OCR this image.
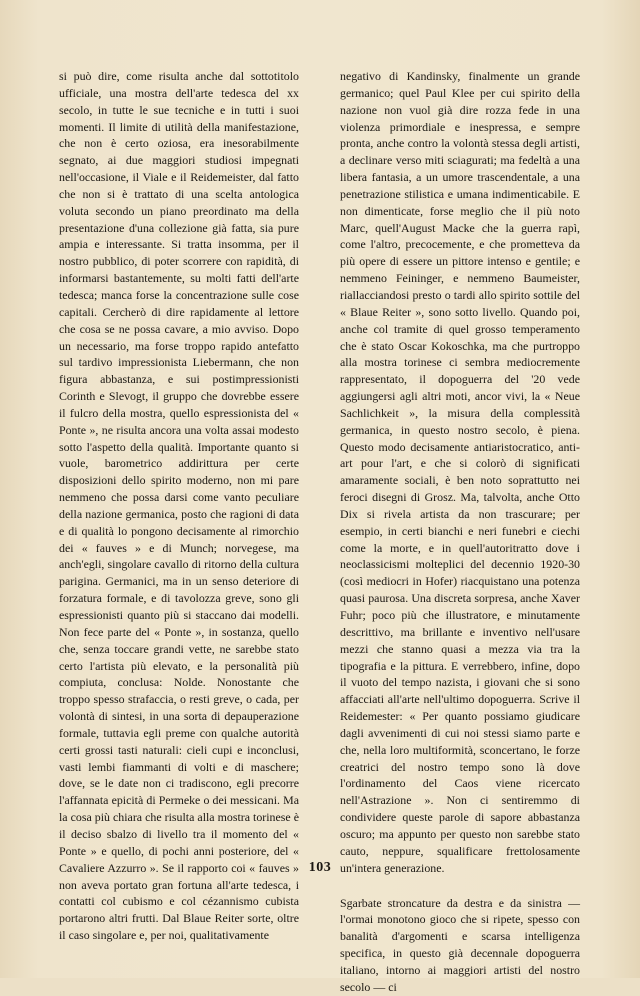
si può dire, come risulta anche dal sottotitolo ufficiale, una mostra dell'arte tedesca del xx secolo, in tutte le sue tecniche e in tutti i suoi momenti. Il limite di utilità della manifestazione, che non è certo oziosa, era inesorabilmente segnato, ai due maggiori studiosi impegnati nell'occasione, il Viale e il Reidemeister, dal fatto che non si è trattato di una scelta antologica voluta secondo un piano preordinato ma della presentazione d'una collezione già fatta, sia pure ampia e interessante. Si tratta insomma, per il nostro pubblico, di poter scorrere con rapidità, di informarsi bastantemente, su molti fatti dell'arte tedesca; manca forse la concentrazione sulle cose capitali. Cercherò di dire rapidamente al lettore che cosa se ne possa cavare, a mio avviso. Dopo un necessario, ma forse troppo rapido antefatto sul tardivo impressionista Liebermann, che non figura abbastanza, e sui postimpressionisti Corinth e Slevogt, il gruppo che dovrebbe essere il fulcro della mostra, quello espressionista del « Ponte », ne risulta ancora una volta assai modesto sotto l'aspetto della qualità. Importante quanto si vuole, barometrico addirittura per certe disposizioni dello spirito moderno, non mi pare nemmeno che possa darsi come vanto peculiare della nazione germanica, posto che ragioni di data e di qualità lo pongono decisamente al rimorchio dei « fauves » e di Munch; norvegese, ma anch'egli, singolare cavallo di ritorno della cultura parigina. Germanici, ma in un senso deteriore di forzatura formale, e di tavolozza greve, sono gli espressionisti quanto più si staccano dai modelli. Non fece parte del « Ponte », in sostanza, quello che, senza toccare grandi vette, ne sarebbe stato certo l'artista più elevato, e la personalità più compiuta, conclusa: Nolde. Nonostante che troppo spesso strafaccia, o resti greve, o cada, per volontà di sintesi, in una sorta di depauperazione formale, tuttavia egli preme con qualche autorità certi grossi tasti naturali: cieli cupi e inconclusi, vasti lembi fiammanti di volti e di maschere; dove, se le date non ci tradiscono, egli precorre l'affannata epicità di Permeke o dei messicani. Ma la cosa più chiara che risulta alla mostra torinese è il deciso sbalzo di livello tra il momento del « Ponte » e quello, di pochi anni posteriore, del « Cavaliere Azzurro ». Se il rapporto coi « fauves » non aveva portato gran fortuna all'arte tedesca, i contatti col cubismo e col cézannismo cubista portarono altri frutti. Dal Blaue Reiter sorte, oltre il caso singolare e, per noi, qualitativamente

negativo di Kandinsky, finalmente un grande germanico; quel Paul Klee per cui spirito della nazione non vuol già dire rozza fede in una violenza primordiale e inespressa, e sempre pronta, anche contro la volontà stessa degli artisti, a declinare verso miti sciagurati; ma fedeltà a una libera fantasia, a un umore trascendentale, a una penetrazione stilistica e umana indimenticabile. E non dimenticate, forse meglio che il più noto Marc, quell'August Macke che la guerra rapì, come l'altro, precocemente, e che prometteva da più opere di essere un pittore intenso e gentile; e nemmeno Feininger, e nemmeno Baumeister, riallacciandosi presto o tardi allo spirito sottile del « Blaue Reiter », sono sotto livello. Quando poi, anche col tramite di quel grosso temperamento che è stato Oscar Kokoschka, ma che purtroppo alla mostra torinese ci sembra mediocremente rappresentato, il dopoguerra del '20 vede aggiungersi agli altri moti, ancor vivi, la « Neue Sachlichkeit », la misura della complessità germanica, in questo nostro secolo, è piena. Questo modo decisamente antiaristocratico, anti-art pour l'art, e che si colorò di significati amaramente sociali, è ben noto soprattutto nei feroci disegni di Grosz. Ma, talvolta, anche Otto Dix si rivela artista da non trascurare; per esempio, in certi bianchi e neri funebri e ciechi come la morte, e in quell'autoritratto dove i neoclassicismi molteplici del decennio 1920-30 (così mediocri in Hofer) riacquistano una potenza quasi paurosa. Una discreta sorpresa, anche Xaver Fuhr; poco più che illustratore, e minutamente descrittivo, ma brillante e inventivo nell'usare mezzi che stanno quasi a mezza via tra la tipografia e la pittura. E verrebbero, infine, dopo il vuoto del tempo nazista, i giovani che si sono affacciati all'arte nell'ultimo dopoguerra. Scrive il Reidemester: « Per quanto possiamo giudicare dagli avvenimenti di cui noi stessi siamo parte e che, nella loro multiformità, sconcertano, le forze creatrici del nostro tempo sono là dove l'ordinamento del Caos viene ricercato nell'Astrazione ». Non ci sentiremmo di condividere queste parole di sapore abbastanza oscuro; ma appunto per questo non sarebbe stato cauto, neppure, squalificare frettolosamente un'intera generazione.

Sgarbate stroncature da destra e da sinistra — l'ormai monotono gioco che si ripete, spesso con banalità d'argomenti e scarsa intelligenza specifica, in questo già decennale dopoguerra italiano, intorno ai maggiori artisti del nostro secolo — ci

103
